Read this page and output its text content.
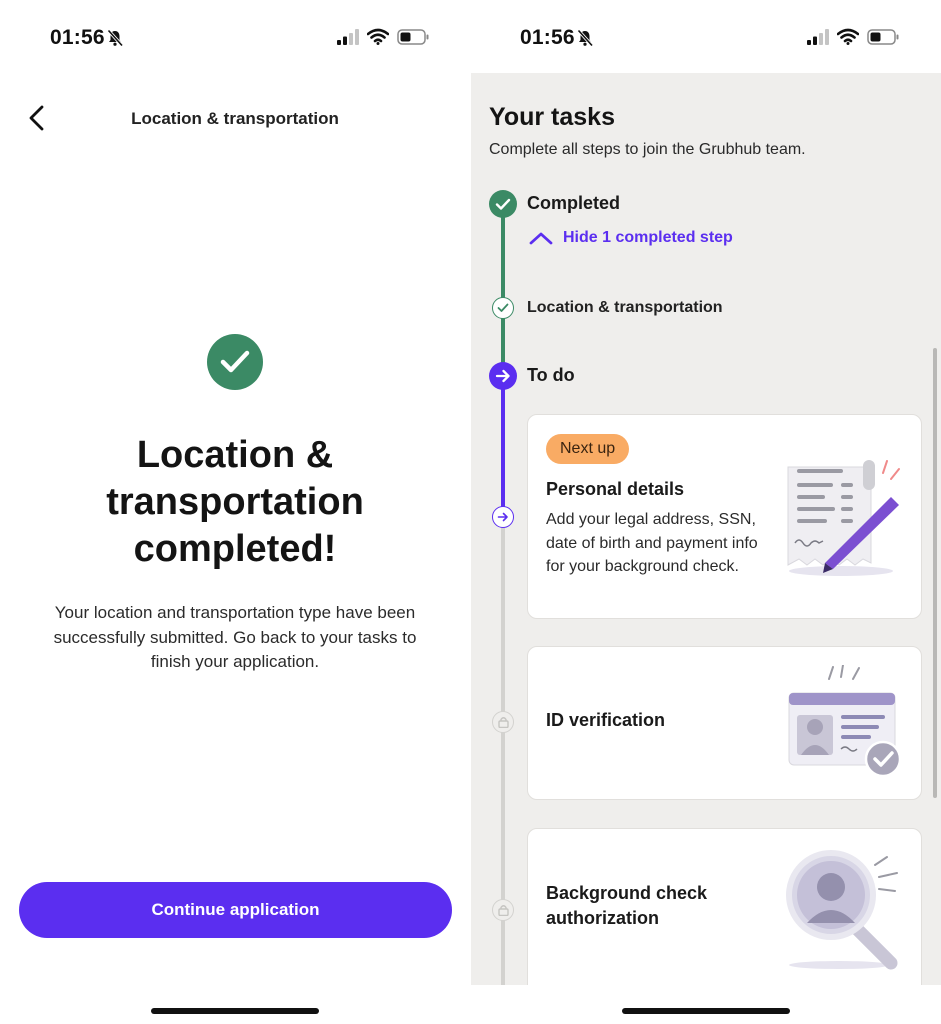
01:56
Location & transportation
Location &
transportation
completed!
Your location and transportation type have been successfully submitted. Go back to your tasks to finish your application.
Continue application
01:56
Your tasks
Complete all steps to join the Grubhub team.
Completed
Hide 1 completed step
Location & transportation
To do
Next up
Personal details
Add your legal address, SSN, date of birth and payment info for your background check.
ID verification
Background check
authorization
